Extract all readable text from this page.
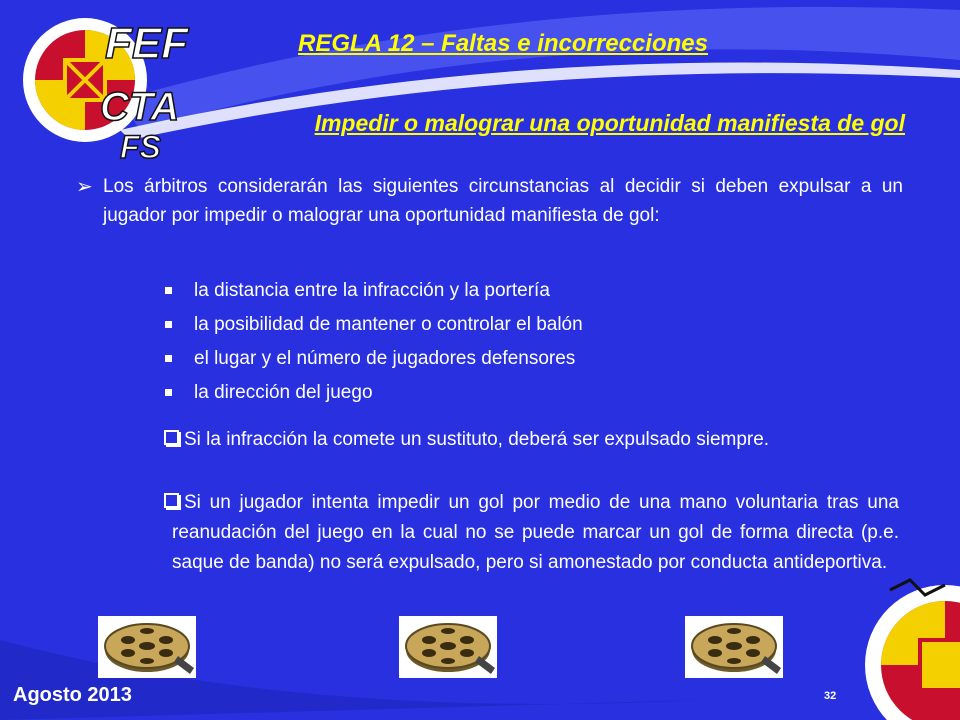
FEF
CTA
FS
REGLA 12 – Faltas e incorrecciones
Impedir o malograr una oportunidad manifiesta de gol
➢ Los árbitros considerarán las siguientes circunstancias al decidir si deben expulsar a un jugador por impedir o malograr una oportunidad manifiesta de gol:
la distancia entre la infracción y la portería
la posibilidad de mantener o controlar el balón
el lugar y el número de jugadores defensores
la dirección del juego
Si la infracción la comete un sustituto, deberá ser expulsado siempre.
Si un jugador intenta impedir un gol por medio de una mano voluntaria tras una reanudación del juego en la cual no se puede marcar un gol de forma directa (p.e. saque de banda) no será expulsado, pero si amonestado por conducta antideportiva.
Agosto 2013	32
